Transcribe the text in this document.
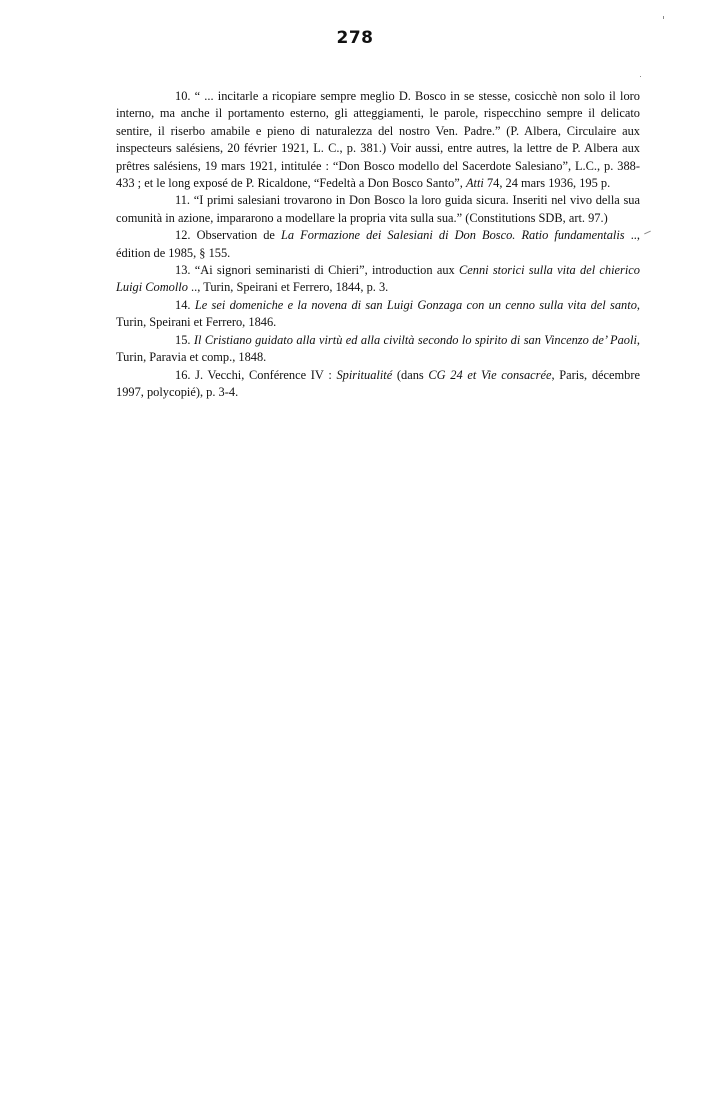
278

10. “ ... incitarle a ricopiare sempre meglio D. Bosco in se stesse, cosicchè non solo il loro interno, ma anche il portamento esterno, gli atteggiamenti, le parole, rispecchino sempre il delicato sentire, il riserbo amabile e pieno di naturalezza del nostro Ven. Padre.” (P. Albera, Circulaire aux inspecteurs salésiens, 20 février 1921, L. C., p. 381.) Voir aussi, entre autres, la lettre de P. Albera aux prêtres salésiens, 19 mars 1921, intitulée : “Don Bosco modello del Sacerdote Salesiano”, L.C., p. 388-433 ; et le long exposé de P. Ricaldone, “Fedeltà a Don Bosco Santo”, Atti 74, 24 mars 1936, 195 p.

11. “I primi salesiani trovarono in Don Bosco la loro guida sicura. Inseriti nel vivo della sua comunità in azione, impararono a modellare la propria vita sulla sua.” (Constitutions SDB, art. 97.)

12. Observation de La Formazione dei Salesiani di Don Bosco. Ratio fundamentalis .., édition de 1985, § 155.

13. “Ai signori seminaristi di Chieri”, introduction aux Cenni storici sulla vita del chierico Luigi Comollo .., Turin, Speirani et Ferrero, 1844, p. 3.

14. Le sei domeniche e la novena di san Luigi Gonzaga con un cenno sulla vita del santo, Turin, Speirani et Ferrero, 1846.

15. Il Cristiano guidato alla virtù ed alla civiltà secondo lo spirito di san Vincenzo de’ Paoli, Turin, Paravia et comp., 1848.

16. J. Vecchi, Conférence IV : Spiritualité (dans CG 24 et Vie consacrée, Paris, décembre 1997, polycopié), p. 3-4.
